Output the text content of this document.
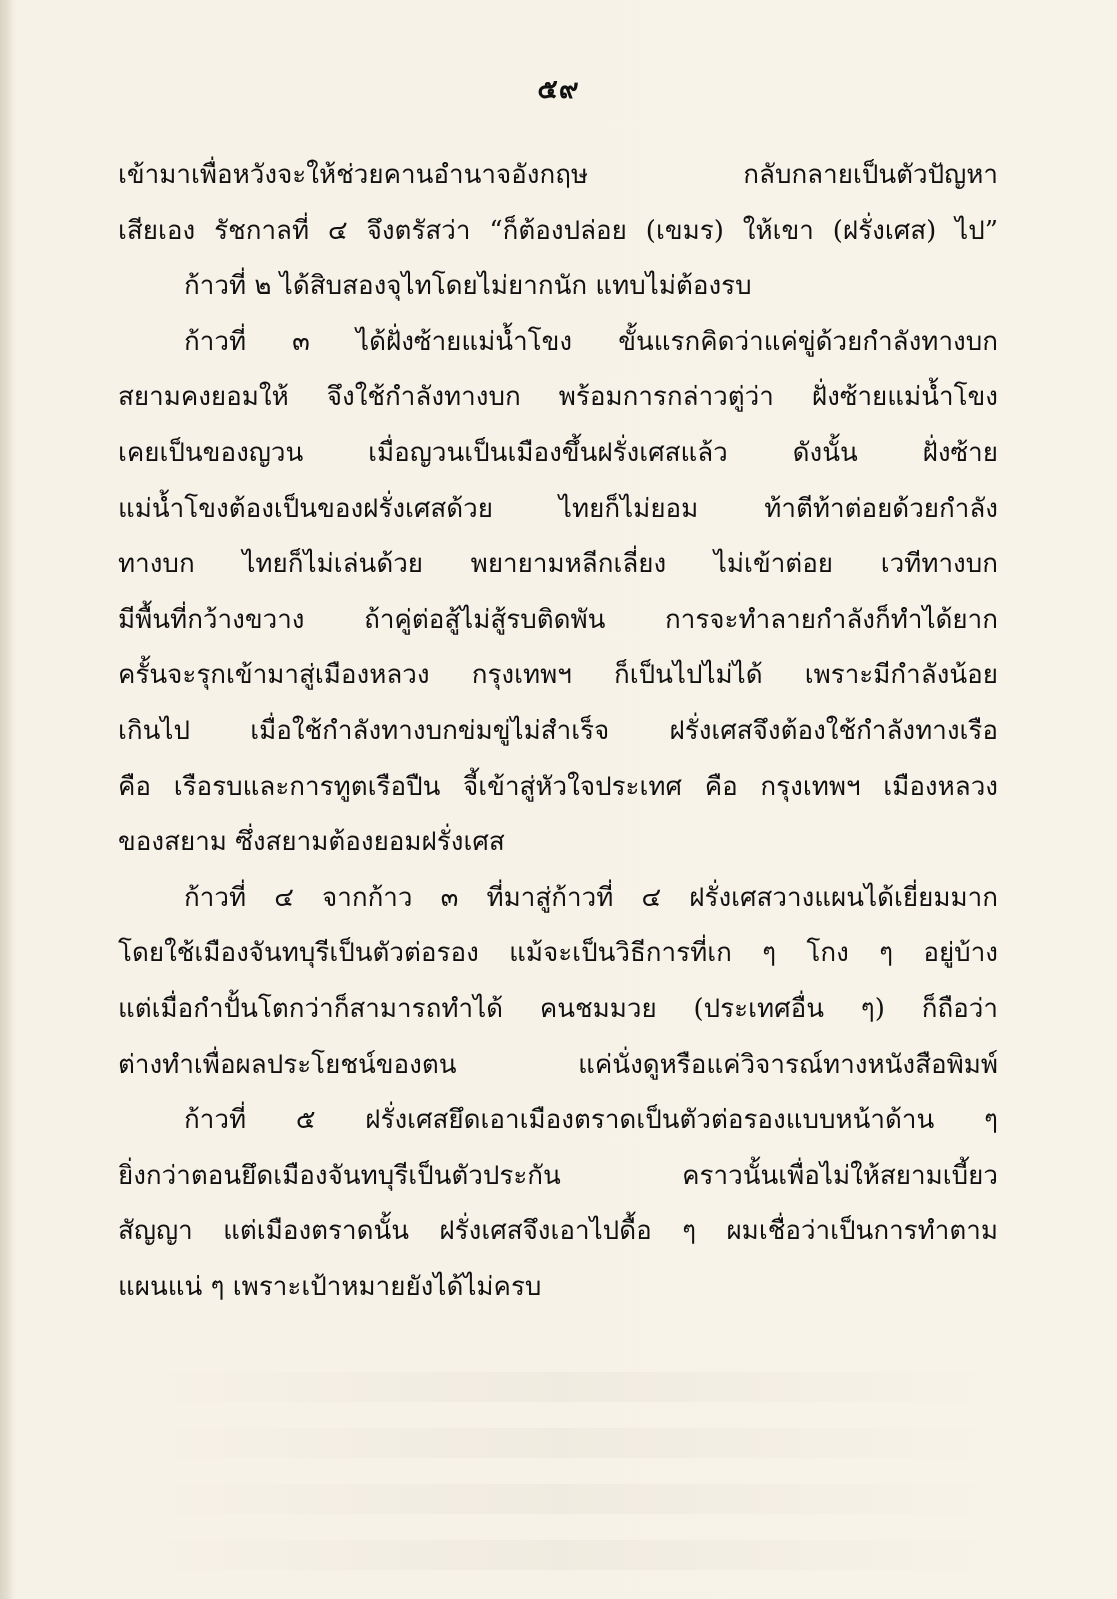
๕๙

เข้ามาเพื่อหวังจะให้ช่วยคานอำนาจอังกฤษ กลับกลายเป็นตัวปัญหา

เสียเอง รัชกาลที่ ๔ จึงตรัสว่า “ก็ต้องปล่อย (เขมร) ให้เขา (ฝรั่งเศส) ไป”

ก้าวที่ ๒ ได้สิบสองจุไทโดยไม่ยากนัก แทบไม่ต้องรบ

ก้าวที่ ๓ ได้ฝั่งซ้ายแม่น้ำโขง ขั้นแรกคิดว่าแค่ขู่ด้วยกำลังทางบก

สยามคงยอมให้ จึงใช้กำลังทางบก พร้อมการกล่าวตู่ว่า ฝั่งซ้ายแม่น้ำโขง

เคยเป็นของญวน เมื่อญวนเป็นเมืองขึ้นฝรั่งเศสแล้ว ดังนั้น ฝั่งซ้าย

แม่น้ำโขงต้องเป็นของฝรั่งเศสด้วย ไทยก็ไม่ยอม ท้าตีท้าต่อยด้วยกำลัง

ทางบก ไทยก็ไม่เล่นด้วย พยายามหลีกเลี่ยง ไม่เข้าต่อย เวทีทางบก

มีพื้นที่กว้างขวาง ถ้าคู่ต่อสู้ไม่สู้รบติดพัน การจะทำลายกำลังก็ทำได้ยาก

ครั้นจะรุกเข้ามาสู่เมืองหลวง กรุงเทพฯ ก็เป็นไปไม่ได้ เพราะมีกำลังน้อย

เกินไป เมื่อใช้กำลังทางบกข่มขู่ไม่สำเร็จ ฝรั่งเศสจึงต้องใช้กำลังทางเรือ

คือ เรือรบและการทูตเรือปืน จี้เข้าสู่หัวใจประเทศ คือ กรุงเทพฯ เมืองหลวง

ของสยาม ซึ่งสยามต้องยอมฝรั่งเศส

ก้าวที่ ๔ จากก้าว ๓ ที่มาสู่ก้าวที่ ๔ ฝรั่งเศสวางแผนได้เยี่ยมมาก

โดยใช้เมืองจันทบุรีเป็นตัวต่อรอง แม้จะเป็นวิธีการที่เก ๆ โกง ๆ อยู่บ้าง

แต่เมื่อกำปั้นโตกว่าก็สามารถทำได้ คนชมมวย (ประเทศอื่น ๆ) ก็ถือว่า

ต่างทำเพื่อผลประโยชน์ของตน แค่นั่งดูหรือแค่วิจารณ์ทางหนังสือพิมพ์

ก้าวที่ ๕ ฝรั่งเศสยึดเอาเมืองตราดเป็นตัวต่อรองแบบหน้าด้าน ๆ

ยิ่งกว่าตอนยึดเมืองจันทบุรีเป็นตัวประกัน คราวนั้นเพื่อไม่ให้สยามเบี้ยว

สัญญา แต่เมืองตราดนั้น ฝรั่งเศสจึงเอาไปดื้อ ๆ ผมเชื่อว่าเป็นการทำตาม

แผนแน่ ๆ เพราะเป้าหมายยังได้ไม่ครบ
